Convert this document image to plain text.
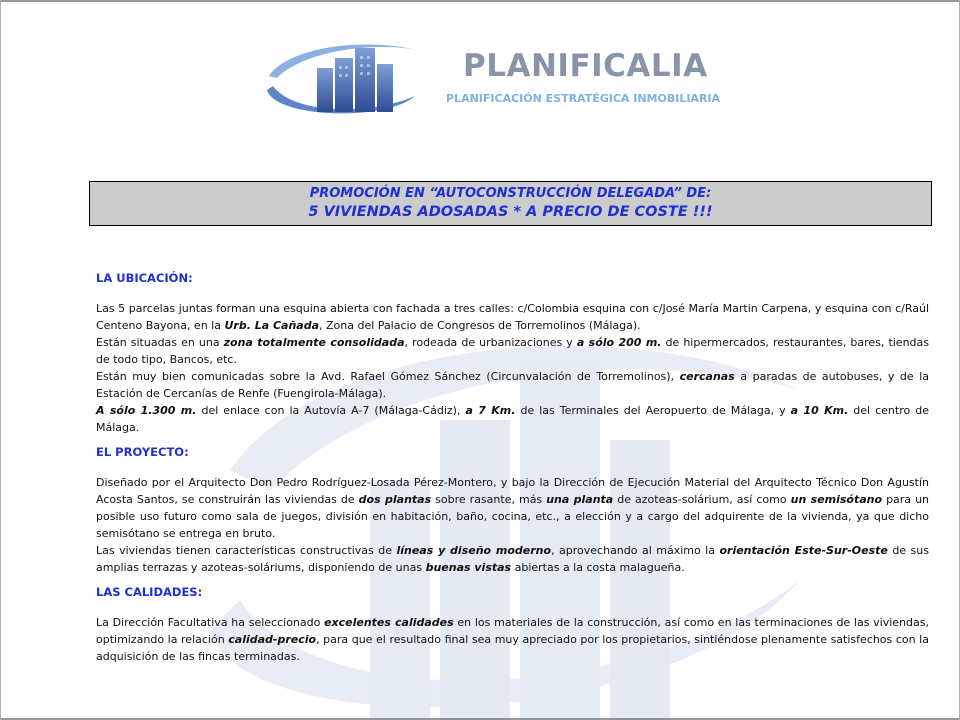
PLANIFICALIA
PLANIFICACIÓN ESTRATÉGICA INMOBILIARIA
PROMOCIÓN EN “AUTOCONSTRUCCIÓN DELEGADA” DE:
5 VIVIENDAS ADOSADAS * A PRECIO DE COSTE !!!
LA UBICACIÓN:

Las 5 parcelas juntas forman una esquina abierta con fachada a tres calles: c/Colombia esquina con c/José María Martin Carpena, y esquina con c/Raúl Centeno Bayona, en la Urb. La Cañada, Zona del Palacio de Congresos de Torremolinos (Málaga).

Están situadas en una zona totalmente consolidada, rodeada de urbanizaciones y a sólo 200 m. de hipermercados, restaurantes, bares, tiendas de todo tipo, Bancos, etc.

Están muy bien comunicadas sobre la Avd. Rafael Gómez Sánchez (Circunvalación de Torremolinos), cercanas a paradas de autobuses, y de la Estación de Cercanías de Renfe (Fuengirola-Málaga).

A sólo 1.300 m. del enlace con la Autovía A-7 (Málaga-Cádiz), a 7 Km. de las Terminales del Aeropuerto de Málaga, y a 10 Km. del centro de Málaga.

EL PROYECTO:

Diseñado por el Arquitecto Don Pedro Rodríguez-Losada Pérez-Montero, y bajo la Dirección de Ejecución Material del Arquitecto Técnico Don Agustín Acosta Santos, se construirán las viviendas de dos plantas sobre rasante, más una planta de azoteas-solárium, así como un semisótano para un posible uso futuro como sala de juegos, división en habitación, baño, cocina, etc., a elección y a cargo del adquirente de la vivienda, ya que dicho semisótano se entrega en bruto.

Las viviendas tienen características constructivas de líneas y diseño moderno, aprovechando al máximo la orientación Este-Sur-Oeste de sus amplias terrazas y azoteas-soláriums, disponiendo de unas buenas vistas abiertas a la costa malagueña.

LAS CALIDADES:

La Dirección Facultativa ha seleccionado excelentes calidades en los materiales de la construcción, así como en las terminaciones de las viviendas, optimizando la relación calidad-precio, para que el resultado final sea muy apreciado por los propietarios, sintiéndose plenamente satisfechos con la adquisición de las fincas terminadas.
